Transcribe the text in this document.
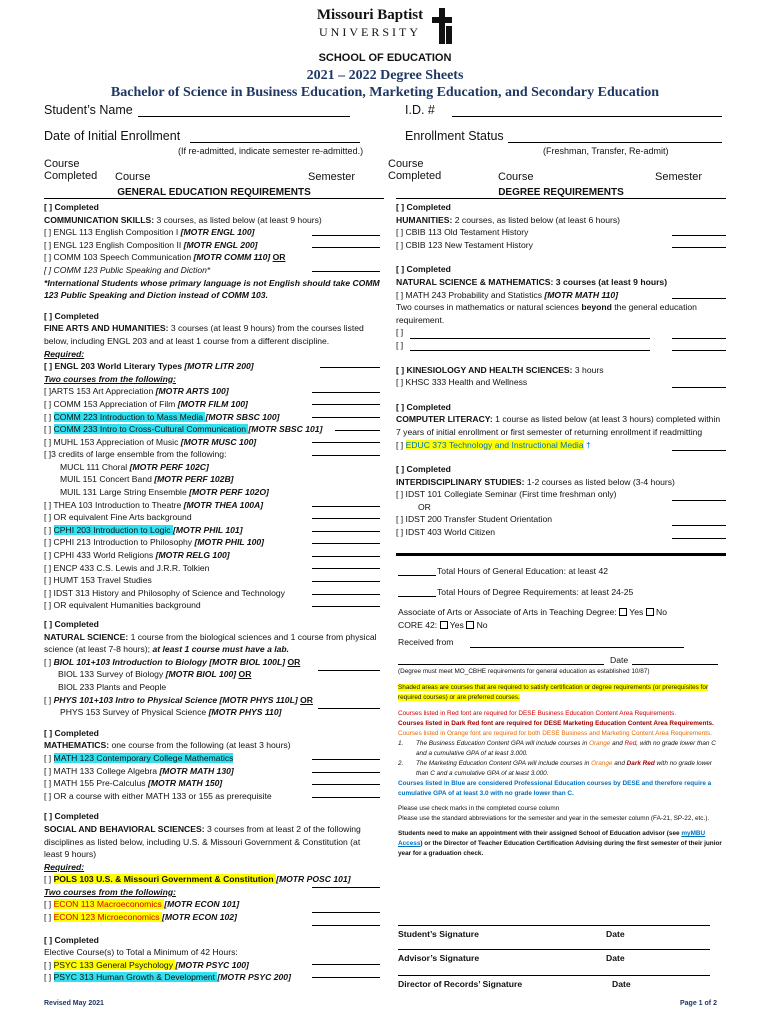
Missouri Baptist
UNIVERSITY
SCHOOL OF EDUCATION
2021 – 2022 Degree Sheets
Bachelor of Science in Business Education, Marketing Education, and Secondary Education
Student’s Name	I.D. #
Date of Initial Enrollment	Enrollment Status
(If re-admitted, indicate semester re-admitted.)	(Freshman, Transfer, Re-admit)
Course
Completed Course	Semester
Course
Completed	Course	Semester
GENERAL EDUCATION REQUIREMENTS	DEGREE REQUIREMENTS
[ ] Completed
COMMUNICATION SKILLS: 3 courses, as listed below (at least 9 hours)
[ ] ENGL 113 English Composition I [MOTR ENGL 100]
[ ] ENGL 123 English Composition II [MOTR ENGL 200]
[ ] COMM 103 Speech Communication [MOTR COMM 110] OR
[ ] COMM 123 Public Speaking and Diction*
*International Students whose primary language is not English should take COMM
123 Public Speaking and Diction instead of COMM 103.
[ ] Completed
FINE ARTS AND HUMANITIES: 3 courses (at least 9 hours) from the courses listed
below, including ENGL 203 and at least 1 course from a different discipline.
Required:
[ ] ENGL 203 World Literary Types [MOTR LITR 200]
Two courses from the following:
[ ]ARTS 153 Art Appreciation [MOTR ARTS 100]
[ ] COMM 153 Appreciation of Film [MOTR FILM 100]
[ ] COMM 223 Introduction to Mass Media [MOTR SBSC 100]
[ ] COMM 233 Intro to Cross-Cultural Communication [MOTR SBSC 101]
[ ] MUHL 153 Appreciation of Music [MOTR MUSC 100]
[ ]3 credits of large ensemble from the following:
MUCL 111 Choral [MOTR PERF 102C]
MUIL 151 Concert Band [MOTR PERF 102B]
MUIL 131 Large String Ensemble [MOTR PERF 102O]
[ ] THEA 103 Introduction to Theatre [MOTR THEA 100A]
[ ] OR equivalent Fine Arts background
[ ] CPHI 203 Introduction to Logic [MOTR PHIL 101]
[ ] CPHI 213 Introduction to Philosophy [MOTR PHIL 100]
[ ] CPHI 433 World Religions [MOTR RELG 100]
[ ] ENCP 433 C.S. Lewis and J.R.R. Tolkien
[ ] HUMT 153 Travel Studies
[ ] IDST 313 History and Philosophy of Science and Technology
[ ] OR equivalent Humanities background
[ ] Completed
NATURAL SCIENCE: 1 course from the biological sciences and 1 course from physical
science (at least 7-8 hours); at least 1 course must have a lab.
[ ] BIOL 101+103 Introduction to Biology [MOTR BIOL 100L] OR
BIOL 133 Survey of Biology [MOTR BIOL 100] OR
BIOL 233 Plants and People
[ ] PHYS 101+103 Intro to Physical Science [MOTR PHYS 110L] OR
PHYS 153 Survey of Physical Science [MOTR PHYS 110]
[ ] Completed
MATHEMATICS: one course from the following (at least 3 hours)
[ ] MATH 123 Contemporary College Mathematics
[ ] MATH 133 College Algebra [MOTR MATH 130]
[ ] MATH 155 Pre-Calculus [MOTR MATH 150]
[ ] OR a course with either MATH 133 or 155 as prerequisite
[ ] Completed
SOCIAL AND BEHAVIORAL SCIENCES: 3 courses from at least 2 of the following
disciplines as listed below, including U.S. & Missouri Government & Constitution (at
least 9 hours)
Required:
[ ] POLS 103 U.S. & Missouri Government & Constitution [MOTR POSC 101]
Two courses from the following:
[ ] ECON 113 Macroeconomics [MOTR ECON 101]
[ ] ECON 123 Microeconomics [MOTR ECON 102]
[ ] Completed
Elective Course(s) to Total a Minimum of 42 Hours:
[ ] PSYC 133 General Psychology [MOTR PSYC 100]
[ ] PSYC 313 Human Growth & Development [MOTR PSYC 200]
Revised May 2021
[ ] Completed
HUMANITIES: 2 courses, as listed below (at least 6 hours)
[ ] CBIB 113 Old Testament History
[ ] CBIB 123 New Testament History
[ ] Completed
NATURAL SCIENCE & MATHEMATICS: 3 courses (at least 9 hours)
[ ] MATH 243 Probability and Statistics [MOTR MATH 110]
Two courses in mathematics or natural sciences beyond the general education
requirement.
[ ]
[ ]
[ ] KINESIOLOGY AND HEALTH SCIENCES: 3 hours
[ ] KHSC 333 Health and Wellness
[ ] Completed
COMPUTER LITERACY: 1 course as listed below (at least 3 hours) completed within
7 years of initial enrollment or first semester of returning enrollment if readmitting
[ ] EDUC 373 Technology and Instructional Media †
[ ] Completed
INTERDISCIPLINARY STUDIES: 1-2 courses as listed below (3-4 hours)
[ ] IDST 101 Collegiate Seminar (First time freshman only)
OR
[ ] IDST 200 Transfer Student Orientation
[ ] IDST 403 World Citizen
Total Hours of General Education: at least 42
Total Hours of Degree Requirements: at least 24-25
Associate of Arts or Associate of Arts in Teaching Degree:  Yes  No
CORE 42:  Yes  No
Received from
Date
(Degree must meet MO_CBHE requirements for general education as established 10/87)
Shaded areas are courses that are required to satisfy certification or degree requirements (or prerequisites for required courses) or are preferred courses.
Courses listed in Red font are required for DESE Business Education Content Area Requirements.
Courses listed in Dark Red font are required for DESE Marketing Education Content Area Requirements.
Courses listed in Orange font are required for both DESE Business and Marketing Content Area Requirements.
1. The Business Education Content GPA will include courses in Orange and Red, with no grade lower than C and a cumulative GPA of at least 3.000.
2. The Marketing Education Content GPA will include courses in Orange and Dark Red with no grade lower than C and a cumulative GPA of at least 3.000.
Courses listed in Blue are considered Professional Education courses by DESE and therefore require a cumulative GPA of at least 3.0 with no grade lower than C.
Please use check marks in the completed course column
Please use the standard abbreviations for the semester and year in the semester column (FA-21, SP-22, etc.).
Students need to make an appointment with their assigned School of Education advisor (see myMBU Access) or the Director of Teacher Education Certification Advising during the first semester of their junior year for a graduation check.
Student’s Signature	Date
Advisor’s Signature	Date
Director of Records’ Signature	Date
Page 1 of 2
